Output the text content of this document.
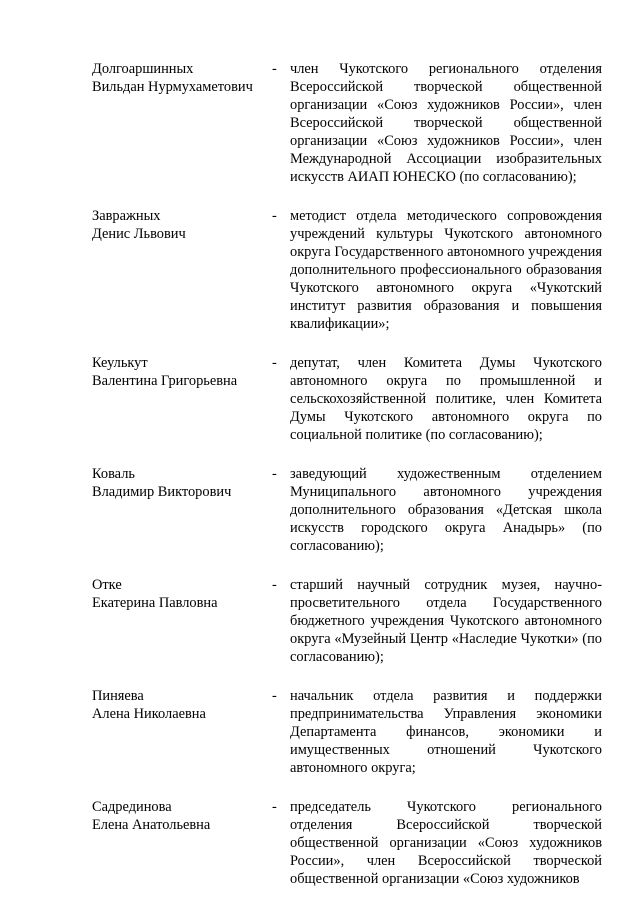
Долгоаршинных
Вильдан Нурмухаметович
- член Чукотского регионального отделения Всероссийской творческой общественной организации «Союз художников России», член Всероссийской творческой общественной организации «Союз художников России», член Международной Ассоциации изобразительных искусств АИАП ЮНЕСКО (по согласованию);
Завражных
Денис Львович
- методист отдела методического сопровождения учреждений культуры Чукотского автономного округа Государственного автономного учреждения дополнительного профессионального образования Чукотского автономного округа «Чукотский институт развития образования и повышения квалификации»;
Кеулькут
Валентина Григорьевна
- депутат, член Комитета Думы Чукотского автономного округа по промышленной и сельскохозяйственной политике, член Комитета Думы Чукотского автономного округа по социальной политике (по согласованию);
Коваль
Владимир Викторович
- заведующий художественным отделением Муниципального автономного учреждения дополнительного образования «Детская школа искусств городского округа Анадырь» (по согласованию);
Отке
Екатерина Павловна
- старший научный сотрудник музея, научно-просветительного отдела Государственного бюджетного учреждения Чукотского автономного округа «Музейный Центр «Наследие Чукотки» (по согласованию);
Пиняева
Алена Николаевна
- начальник отдела развития и поддержки предпринимательства Управления экономики Департамента финансов, экономики и имущественных отношений Чукотского автономного округа;
Садрединова
Елена Анатольевна
- председатель Чукотского регионального отделения Всероссийской творческой общественной организации «Союз художников России», член Всероссийской творческой общественной организации «Союз художников
